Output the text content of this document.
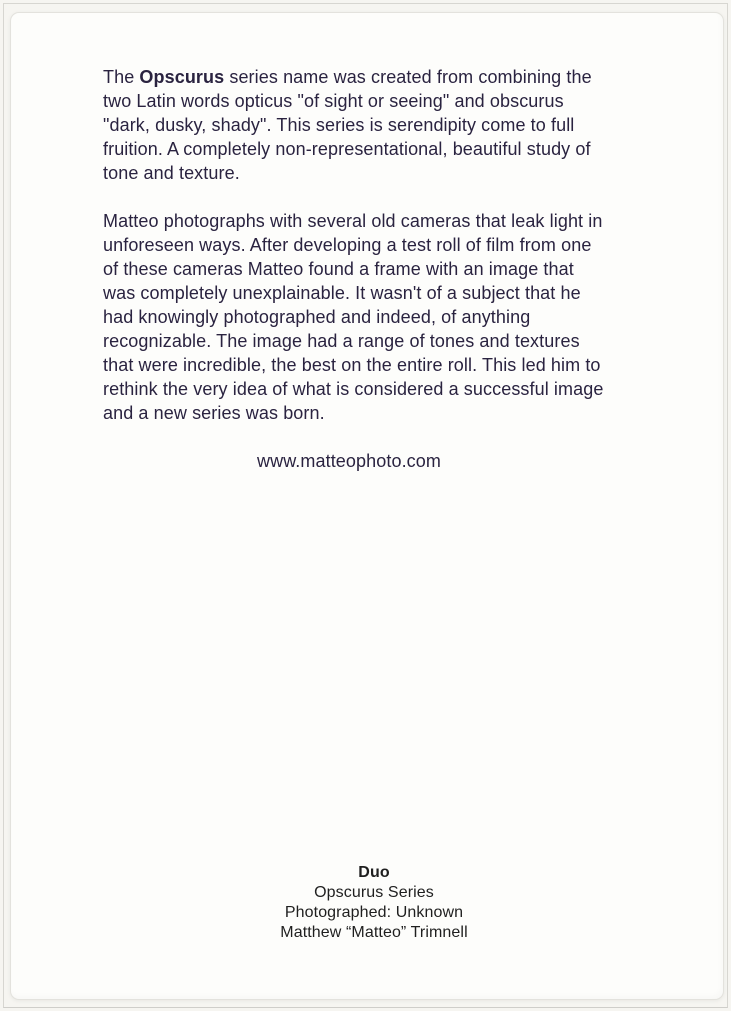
The Opscurus series name was created from combining the
two Latin words opticus "of sight or seeing" and obscurus
"dark, dusky, shady". This series is serendipity come to full
fruition. A completely non-representational, beautiful study of
tone and texture.
Matteo photographs with several old cameras that leak light in
unforeseen ways. After developing a test roll of film from one
of these cameras Matteo found a frame with an image that
was completely unexplainable. It wasn't of a subject that he
had knowingly photographed and indeed, of anything
recognizable. The image had a range of tones and textures
that were incredible, the best on the entire roll. This led him to
rethink the very idea of what is considered a successful image
and a new series was born.
www.matteophoto.com
Duo
Opscurus Series
Photographed: Unknown
Matthew “Matteo” Trimnell
